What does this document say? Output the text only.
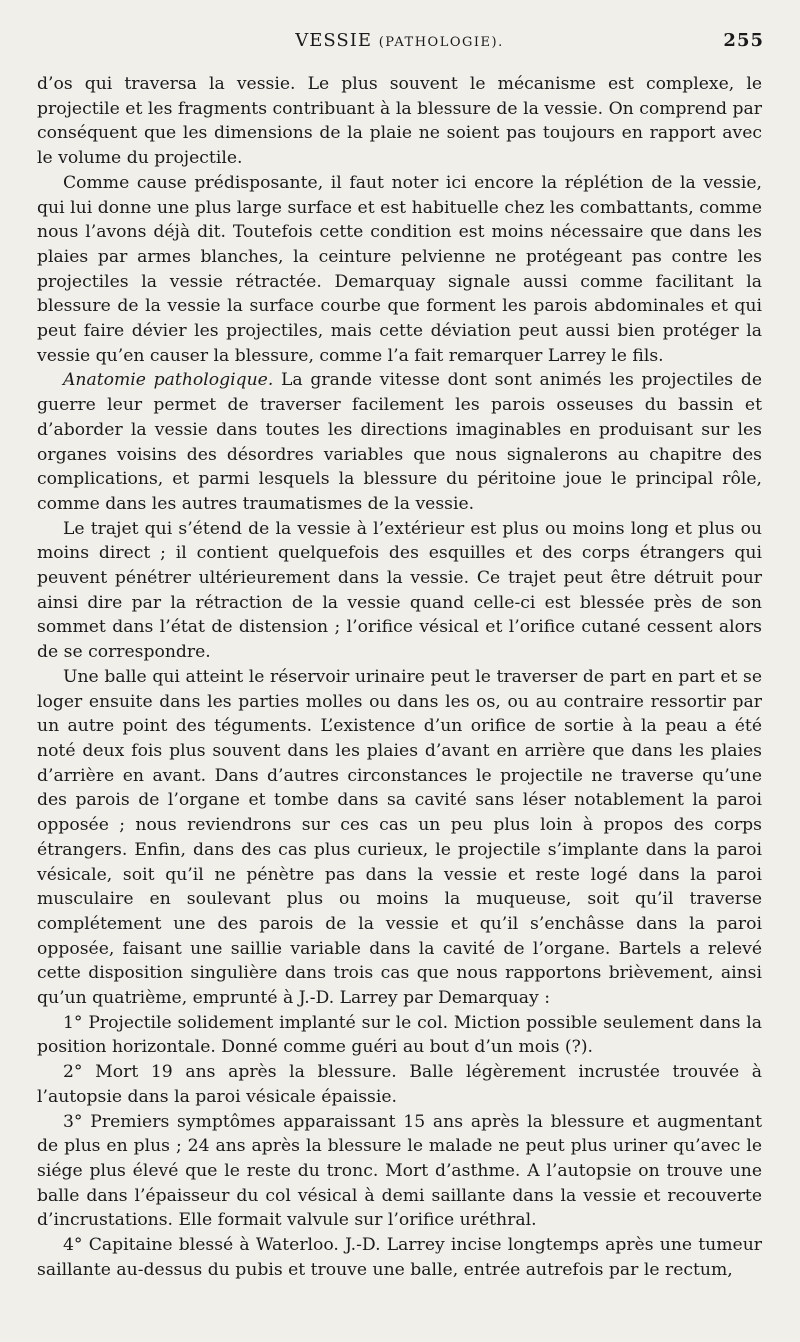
VESSIE (PATHOLOGIE).	255

d’os qui traversa la vessie. Le plus souvent le mécanisme est complexe, le projectile et les fragments contribuant à la blessure de la vessie. On comprend par conséquent que les dimensions de la plaie ne soient pas toujours en rapport avec le volume du projectile.

Comme cause prédisposante, il faut noter ici encore la réplétion de la vessie, qui lui donne une plus large surface et est habituelle chez les combattants, comme nous l’avons déjà dit. Toutefois cette condition est moins nécessaire que dans les plaies par armes blanches, la ceinture pelvienne ne protégeant pas contre les projectiles la vessie rétractée. Demarquay signale aussi comme facilitant la blessure de la vessie la surface courbe que forment les parois abdominales et qui peut faire dévier les projectiles, mais cette déviation peut aussi bien protéger la vessie qu’en causer la blessure, comme l’a fait remarquer Larrey le fils.

Anatomie pathologique. La grande vitesse dont sont animés les projectiles de guerre leur permet de traverser facilement les parois osseuses du bassin et d’aborder la vessie dans toutes les directions imaginables en produisant sur les organes voisins des désordres variables que nous signalerons au chapitre des complications, et parmi lesquels la blessure du péritoine joue le principal rôle, comme dans les autres traumatismes de la vessie.

Le trajet qui s’étend de la vessie à l’extérieur est plus ou moins long et plus ou moins direct ; il contient quelquefois des esquilles et des corps étrangers qui peuvent pénétrer ultérieurement dans la vessie. Ce trajet peut être détruit pour ainsi dire par la rétraction de la vessie quand celle-ci est blessée près de son sommet dans l’état de distension ; l’orifice vésical et l’orifice cutané cessent alors de se correspondre.

Une balle qui atteint le réservoir urinaire peut le traverser de part en part et se loger ensuite dans les parties molles ou dans les os, ou au contraire ressortir par un autre point des téguments. L’existence d’un orifice de sortie à la peau a été noté deux fois plus souvent dans les plaies d’avant en arrière que dans les plaies d’arrière en avant. Dans d’autres circonstances le projectile ne traverse qu’une des parois de l’organe et tombe dans sa cavité sans léser notablement la paroi opposée ; nous reviendrons sur ces cas un peu plus loin à propos des corps étrangers. Enfin, dans des cas plus curieux, le projectile s’implante dans la paroi vésicale, soit qu’il ne pénètre pas dans la vessie et reste logé dans la paroi musculaire en soulevant plus ou moins la muqueuse, soit qu’il traverse complétement une des parois de la vessie et qu’il s’enchâsse dans la paroi opposée, faisant une saillie variable dans la cavité de l’organe. Bartels a relevé cette disposition singulière dans trois cas que nous rapportons brièvement, ainsi qu’un quatrième, emprunté à J.-D. Larrey par Demarquay :

1° Projectile solidement implanté sur le col. Miction possible seulement dans la position horizontale. Donné comme guéri au bout d’un mois (?).

2° Mort 19 ans après la blessure. Balle légèrement incrustée trouvée à l’autopsie dans la paroi vésicale épaissie.

3° Premiers symptômes apparaissant 15 ans après la blessure et augmentant de plus en plus ; 24 ans après la blessure le malade ne peut plus uriner qu’avec le siége plus élevé que le reste du tronc. Mort d’asthme. A l’autopsie on trouve une balle dans l’épaisseur du col vésical à demi saillante dans la vessie et recouverte d’incrustations. Elle formait valvule sur l’orifice uréthral.

4° Capitaine blessé à Waterloo. J.-D. Larrey incise longtemps après une tumeur saillante au-dessus du pubis et trouve une balle, entrée autrefois par le rectum,
